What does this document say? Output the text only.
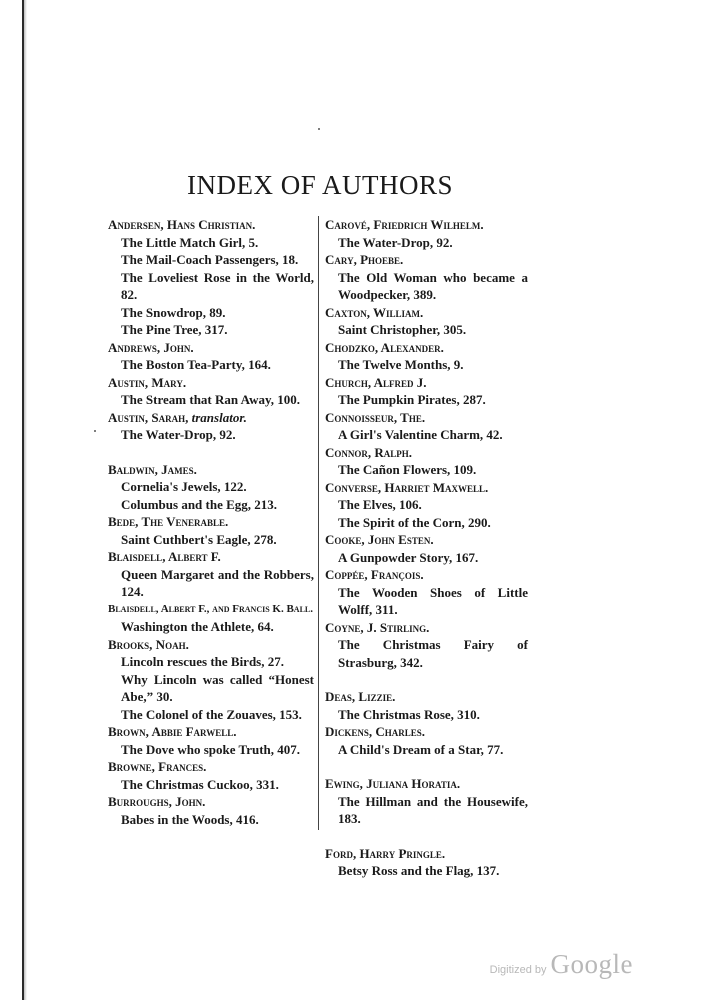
INDEX OF AUTHORS
Andersen, Hans Christian.
The Little Match Girl, 5.
The Mail-Coach Passengers, 18.
The Loveliest Rose in the World, 82.
The Snowdrop, 89.
The Pine Tree, 317.
Andrews, John.
The Boston Tea-Party, 164.
Austin, Mary.
The Stream that Ran Away, 100.
Austin, Sarah, translator.
The Water-Drop, 92.
Baldwin, James.
Cornelia's Jewels, 122.
Columbus and the Egg, 213.
Bede, The Venerable.
Saint Cuthbert's Eagle, 278.
Blaisdell, Albert F.
Queen Margaret and the Robbers, 124.
Blaisdell, Albert F., and Francis K. Ball.
Washington the Athlete, 64.
Brooks, Noah.
Lincoln rescues the Birds, 27.
Why Lincoln was called “Honest Abe,” 30.
The Colonel of the Zouaves, 153.
Brown, Abbie Farwell.
The Dove who spoke Truth, 407.
Browne, Frances.
The Christmas Cuckoo, 331.
Burroughs, John.
Babes in the Woods, 416.
Carové, Friedrich Wilhelm.
The Water-Drop, 92.
Cary, Phoebe.
The Old Woman who became a Woodpecker, 389.
Caxton, William.
Saint Christopher, 305.
Chodzko, Alexander.
The Twelve Months, 9.
Church, Alfred J.
The Pumpkin Pirates, 287.
Connoisseur, The.
A Girl's Valentine Charm, 42.
Connor, Ralph.
The Cañon Flowers, 109.
Converse, Harriet Maxwell.
The Elves, 106.
The Spirit of the Corn, 290.
Cooke, John Esten.
A Gunpowder Story, 167.
Coppée, François.
The Wooden Shoes of Little Wolff, 311.
Coyne, J. Stirling.
The Christmas Fairy of Strasburg, 342.
Deas, Lizzie.
The Christmas Rose, 310.
Dickens, Charles.
A Child's Dream of a Star, 77.
Ewing, Juliana Horatia.
The Hillman and the Housewife, 183.
Ford, Harry Pringle.
Betsy Ross and the Flag, 137.
Digitized by Google
